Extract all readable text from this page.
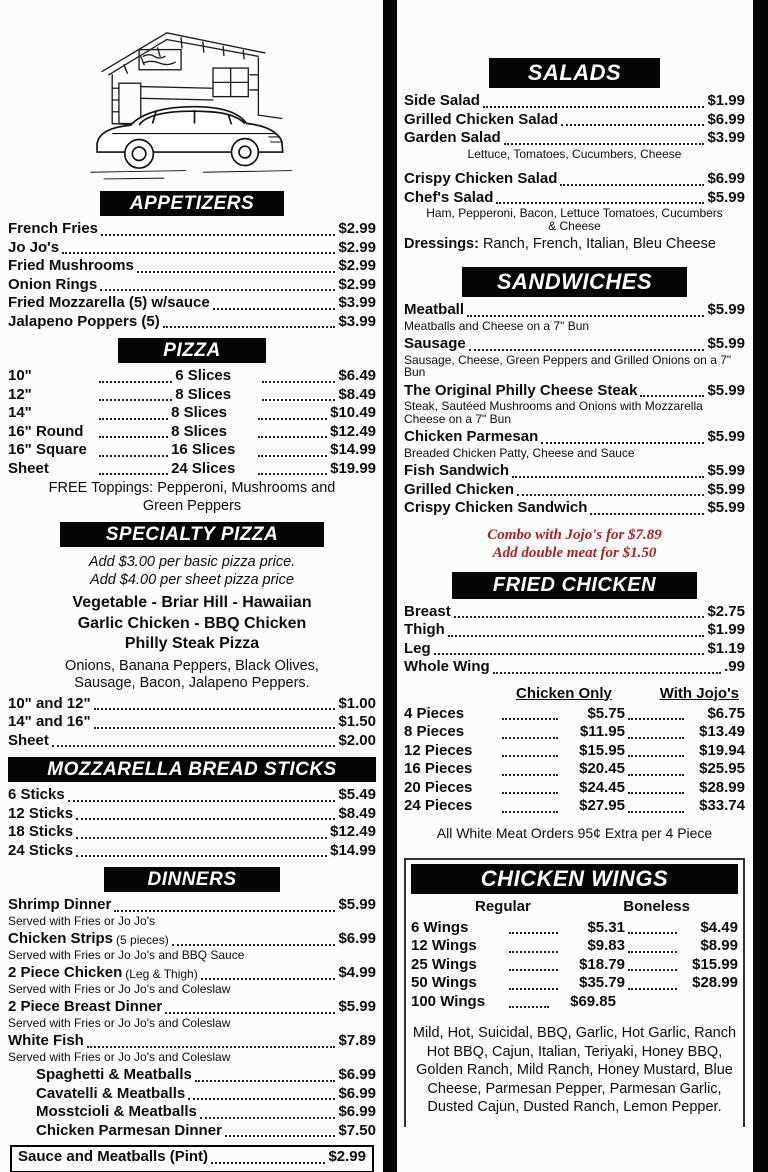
APPETIZERS
French Fries	$2.99
Jo Jo's	$2.99
Fried Mushrooms	$2.99
Onion Rings	$2.99
Fried Mozzarella (5) w/sauce	$3.99
Jalapeno Poppers (5)	$3.99
PIZZA
10"	6 Slices	$6.49
12"	8 Slices	$8.49
14"	8 Slices	$10.49
16" Round	8 Slices	$12.49
16" Square	16 Slices	$14.99
Sheet	24 Slices	$19.99
FREE Toppings: Pepperoni, Mushrooms and Green Peppers
SPECIALTY PIZZA
Add $3.00 per basic pizza price.
Add $4.00 per sheet pizza price
Vegetable - Briar Hill - Hawaiian
Garlic Chicken - BBQ Chicken
Philly Steak Pizza
Onions, Banana Peppers, Black Olives, Sausage, Bacon, Jalapeno Peppers.
10" and 12"	$1.00
14" and 16"	$1.50
Sheet	$2.00
MOZZARELLA BREAD STICKS
6 Sticks	$5.49
12 Sticks	$8.49
18 Sticks	$12.49
24 Sticks	$14.99
DINNERS
Shrimp Dinner	$5.99
Served with Fries or Jo Jo's
Chicken Strips (5 pieces)	$6.99
Served with Fries or Jo Jo's and BBQ Sauce
2 Piece Chicken (Leg & Thigh)	$4.99
Served with Fries or Jo Jo's and Coleslaw
2 Piece Breast Dinner	$5.99
Served with Fries or Jo Jo's and Coleslaw
White Fish	$7.89
Served with Fries or Jo Jo's and Coleslaw
Spaghetti & Meatballs	$6.99
Cavatelli & Meatballs	$6.99
Mosstcioli & Meatballs	$6.99
Chicken Parmesan Dinner	$7.50
Sauce and Meatballs (Pint)	$2.99
SALADS
Side Salad	$1.99
Grilled Chicken Salad	$6.99
Garden Salad	$3.99
Lettuce, Tomatoes, Cucumbers, Cheese
Crispy Chicken Salad	$6.99
Chef's Salad	$5.99
Ham, Pepperoni, Bacon, Lettuce Tomatoes, Cucumbers & Cheese
Dressings: Ranch, French, Italian, Bleu Cheese
SANDWICHES
Meatball	$5.99
Meatballs and Cheese on a 7" Bun
Sausage	$5.99
Sausage, Cheese, Green Peppers and Grilled Onions on a 7" Bun
The Original Philly Cheese Steak	$5.99
Steak, Sautéed Mushrooms and Onions with Mozzarella Cheese on a 7" Bun
Chicken Parmesan	$5.99
Breaded Chicken Patty, Cheese and Sauce
Fish Sandwich	$5.99
Grilled Chicken	$5.99
Crispy Chicken Sandwich	$5.99
Combo with Jojo's for $7.89
Add double meat for $1.50
FRIED CHICKEN
Breast	$2.75
Thigh	$1.99
Leg	$1.19
Whole Wing	.99
Chicken Only	With Jojo's
4 Pieces	$5.75	$6.75
8 Pieces	$11.95	$13.49
12 Pieces	$15.95	$19.94
16 Pieces	$20.45	$25.95
20 Pieces	$24.45	$28.99
24 Pieces	$27.95	$33.74
All White Meat Orders 95¢ Extra per 4 Piece
CHICKEN WINGS
Regular	Boneless
6 Wings	$5.31	$4.49
12 Wings	$9.83	$8.99
25 Wings	$18.79	$15.99
50 Wings	$35.79	$28.99
100 Wings	$69.85
Mild, Hot, Suicidal, BBQ, Garlic, Hot Garlic, Ranch Hot BBQ, Cajun, Italian, Teriyaki, Honey BBQ, Golden Ranch, Mild Ranch, Honey Mustard, Blue Cheese, Parmesan Pepper, Parmesan Garlic, Dusted Cajun, Dusted Ranch, Lemon Pepper.
